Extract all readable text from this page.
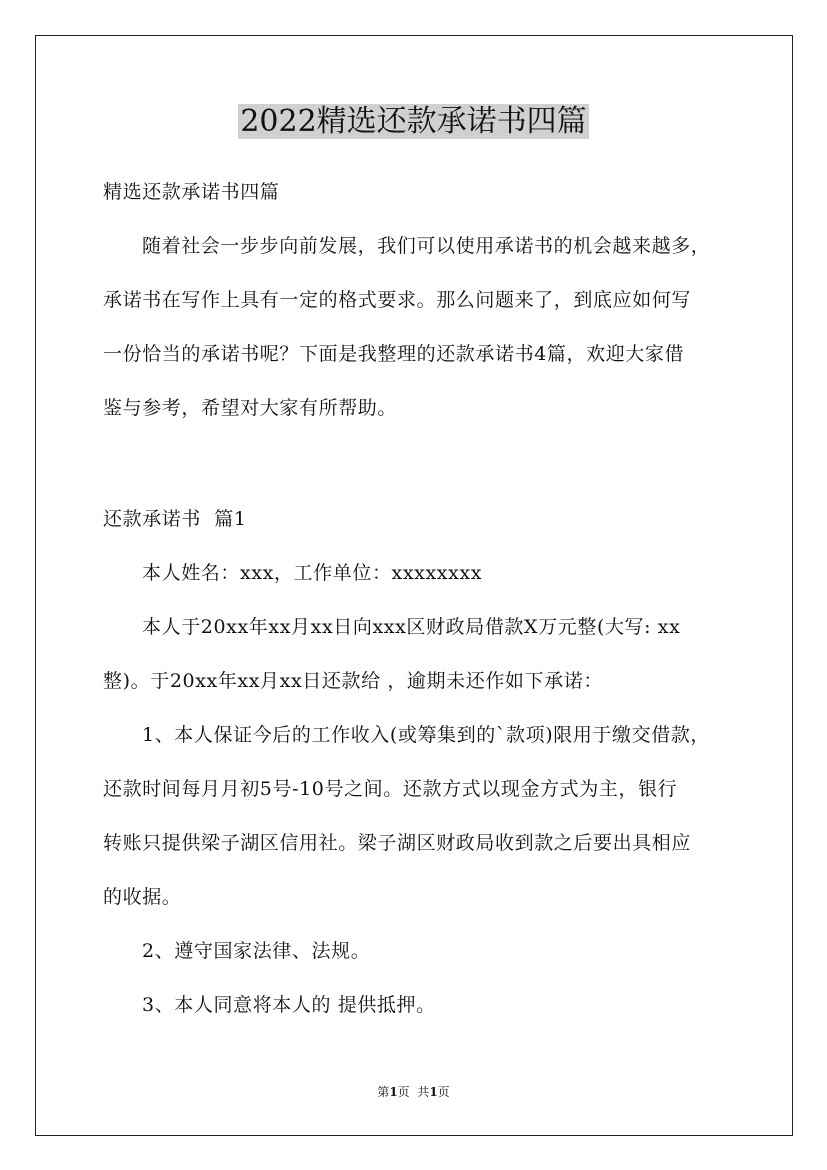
2022精选还款承诺书四篇
精选还款承诺书四篇
随着社会一步步向前发展，我们可以使用承诺书的机会越来越多，
承诺书在写作上具有一定的格式要求。那么问题来了，到底应如何写
一份恰当的承诺书呢？下面是我整理的还款承诺书4篇，欢迎大家借
鉴与参考，希望对大家有所帮助。
还款承诺书  篇1
本人姓名：xxx，工作单位：xxxxxxxx
本人于20xx年xx月xx日向xxx区财政局借款X万元整(大写: xx
整)。于20xx年xx月xx日还款给 ，逾期未还作如下承诺：
1、本人保证今后的工作收入(或筹集到的`款项)限用于缴交借款，
还款时间每月月初5号-10号之间。还款方式以现金方式为主，银行
转账只提供梁子湖区信用社。梁子湖区财政局收到款之后要出具相应
的收据。
2、遵守国家法律、法规。
3、本人同意将本人的 提供抵押。
第1页  共1页
